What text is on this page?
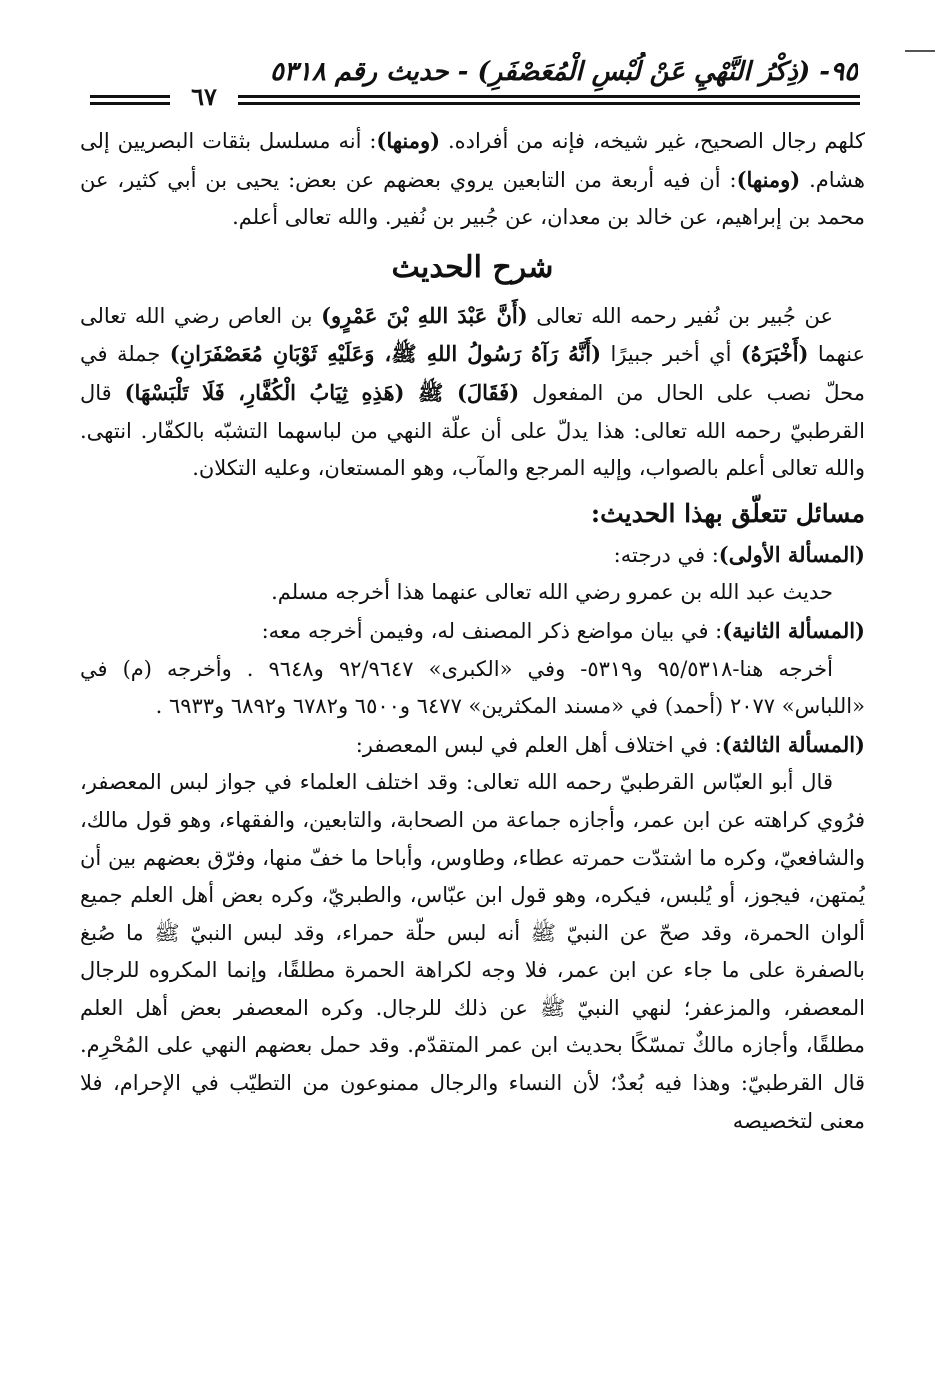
٩٥- (ذِكْرُ النَّهْيِ عَنْ لُبْسِ الْمُعَصْفَرِ) - حديث رقم ٥٣١٨
٦٧

كلهم رجال الصحيح، غير شيخه، فإنه من أفراده. (ومنها): أنه مسلسل بثقات البصريين إلى هشام. (ومنها): أن فيه أربعة من التابعين يروي بعضهم عن بعض: يحيى بن أبي كثير، عن محمد بن إبراهيم، عن خالد بن معدان، عن جُبير بن نُفير. والله تعالى أعلم.

شرح الحديث

عن جُبير بن نُفير رحمه الله تعالى (أَنَّ عَبْدَ اللهِ بْنَ عَمْرٍو) بن العاص رضي الله تعالى عنهما (أَخْبَرَهُ) أي أخبر جبيرًا (أَنَّهُ رَآهُ رَسُولُ اللهِ ﷺ، وَعَلَيْهِ ثَوْبَانِ مُعَصْفَرَانِ) جملة في محلّ نصب على الحال من المفعول (فَقَالَ) ﷺ (هَذِهِ ثِيَابُ الْكُفَّارِ، فَلَا تَلْبَسْهَا) قال القرطبيّ رحمه الله تعالى: هذا يدلّ على أن علّة النهي من لباسهما التشبّه بالكفّار. انتهى. والله تعالى أعلم بالصواب، وإليه المرجع والمآب، وهو المستعان، وعليه التكلان.

مسائل تتعلّق بهذا الحديث:

(المسألة الأولى): في درجته:

حديث عبد الله بن عمرو رضي الله تعالى عنهما هذا أخرجه مسلم.

(المسألة الثانية): في بيان مواضع ذكر المصنف له، وفيمن أخرجه معه:

أخرجه هنا-٩٥/٥٣١٨ و٥٣١٩- وفي «الكبرى» ٩٢/٩٦٤٧ و٩٦٤٨ . وأخرجه (م) في «اللباس» ٢٠٧٧ (أحمد) في «مسند المكثرين» ٦٤٧٧ و٦٥٠٠ و٦٧٨٢ و٦٨٩٢ و٦٩٣٣ .

(المسألة الثالثة): في اختلاف أهل العلم في لبس المعصفر:

قال أبو العبّاس القرطبيّ رحمه الله تعالى: وقد اختلف العلماء في جواز لبس المعصفر، فرُوي كراهته عن ابن عمر، وأجازه جماعة من الصحابة، والتابعين، والفقهاء، وهو قول مالك، والشافعيّ، وكره ما اشتدّت حمرته عطاء، وطاوس، وأباحا ما خفّ منها، وفرّق بعضهم بين أن يُمتهن، فيجوز، أو يُلبس، فيكره، وهو قول ابن عبّاس، والطبريّ، وكره بعض أهل العلم جميع ألوان الحمرة، وقد صحّ عن النبيّ ﷺ أنه لبس حلّة حمراء، وقد لبس النبيّ ﷺ ما صُبغ بالصفرة على ما جاء عن ابن عمر، فلا وجه لكراهة الحمرة مطلقًا، وإنما المكروه للرجال المعصفر، والمزعفر؛ لنهي النبيّ ﷺ عن ذلك للرجال. وكره المعصفر بعض أهل العلم مطلقًا، وأجازه مالكٌ تمسّكًا بحديث ابن عمر المتقدّم. وقد حمل بعضهم النهي على المُحْرِم. قال القرطبيّ: وهذا فيه بُعدٌ؛ لأن النساء والرجال ممنوعون من التطيّب في الإحرام، فلا معنى لتخصيصه
